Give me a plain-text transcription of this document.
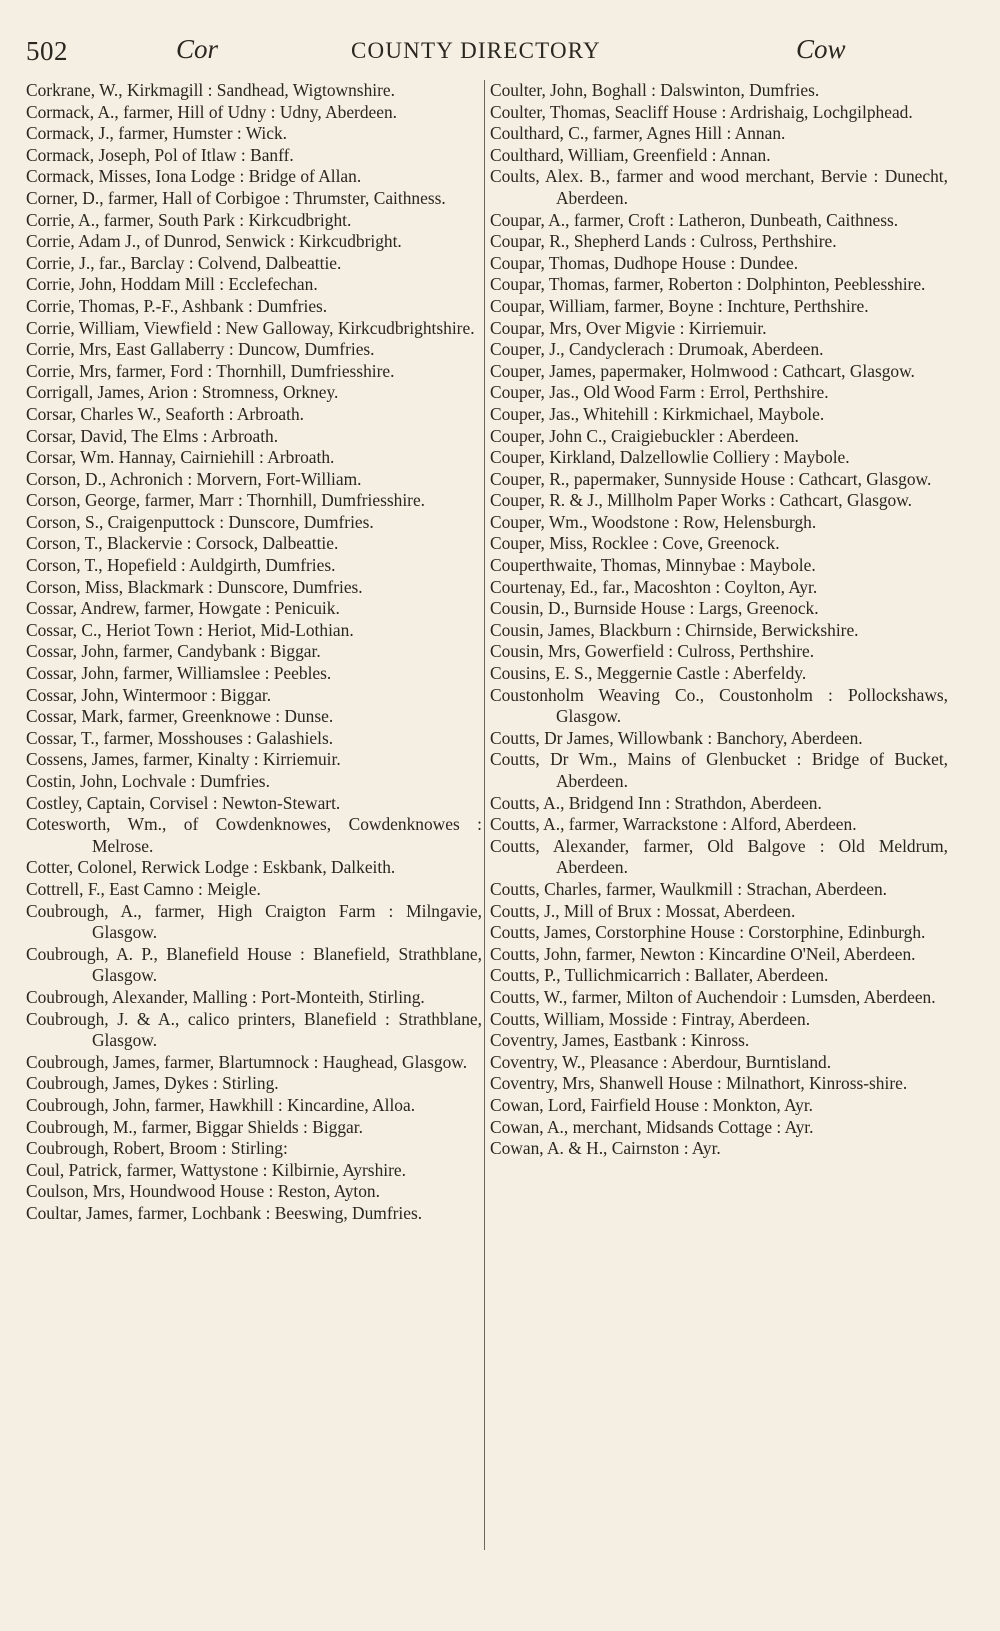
502	Cor	COUNTY DIRECTORY	Cow

Corkrane, W., Kirkmagill : Sandhead, Wigtownshire.

Cormack, A., farmer, Hill of Udny : Udny, Aberdeen.

Cormack, J., farmer, Humster : Wick.

Cormack, Joseph, Pol of Itlaw : Banff.

Cormack, Misses, Iona Lodge : Bridge of Allan.

Corner, D., farmer, Hall of Corbigoe : Thrumster, Caithness.

Corrie, A., farmer, South Park : Kirkcudbright.

Corrie, Adam J., of Dunrod, Senwick : Kirkcudbright.

Corrie, J., far., Barclay : Colvend, Dalbeattie.

Corrie, John, Hoddam Mill : Ecclefechan.

Corrie, Thomas, P.-F., Ashbank : Dumfries.

Corrie, William, Viewfield : New Galloway, Kirkcudbrightshire.

Corrie, Mrs, East Gallaberry : Duncow, Dumfries.

Corrie, Mrs, farmer, Ford : Thornhill, Dumfriesshire.

Corrigall, James, Arion : Stromness, Orkney.

Corsar, Charles W., Seaforth : Arbroath.

Corsar, David, The Elms : Arbroath.

Corsar, Wm. Hannay, Cairniehill : Arbroath.

Corson, D., Achronich : Morvern, Fort-William.

Corson, George, farmer, Marr : Thornhill, Dumfriesshire.

Corson, S., Craigenputtock : Dunscore, Dumfries.

Corson, T., Blackervie : Corsock, Dalbeattie.

Corson, T., Hopefield : Auldgirth, Dumfries.

Corson, Miss, Blackmark : Dunscore, Dumfries.

Cossar, Andrew, farmer, Howgate : Penicuik.

Cossar, C., Heriot Town : Heriot, Mid-Lothian.

Cossar, John, farmer, Candybank : Biggar.

Cossar, John, farmer, Williamslee : Peebles.

Cossar, John, Wintermoor : Biggar.

Cossar, Mark, farmer, Greenknowe : Dunse.

Cossar, T., farmer, Mosshouses : Galashiels.

Cossens, James, farmer, Kinalty : Kirriemuir.

Costin, John, Lochvale : Dumfries.

Costley, Captain, Corvisel : Newton-Stewart.

Cotesworth, Wm., of Cowdenknowes, Cowdenknowes : Melrose.

Cotter, Colonel, Rerwick Lodge : Eskbank, Dalkeith.

Cottrell, F., East Camno : Meigle.

Coubrough, A., farmer, High Craigton Farm : Milngavie, Glasgow.

Coubrough, A. P., Blanefield House : Blanefield, Strathblane, Glasgow.

Coubrough, Alexander, Malling : Port-Monteith, Stirling.

Coubrough, J. & A., calico printers, Blanefield : Strathblane, Glasgow.

Coubrough, James, farmer, Blartumnock : Haughead, Glasgow.

Coubrough, James, Dykes : Stirling.

Coubrough, John, farmer, Hawkhill : Kincardine, Alloa.

Coubrough, M., farmer, Biggar Shields : Biggar.

Coubrough, Robert, Broom : Stirling:

Coul, Patrick, farmer, Wattystone : Kilbirnie, Ayrshire.

Coulson, Mrs, Houndwood House : Reston, Ayton.

Coultar, James, farmer, Lochbank : Beeswing, Dumfries.

Coulter, John, Boghall : Dalswinton, Dumfries.

Coulter, Thomas, Seacliff House : Ardrishaig, Lochgilphead.

Coulthard, C., farmer, Agnes Hill : Annan.

Coulthard, William, Greenfield : Annan.

Coults, Alex. B., farmer and wood merchant, Bervie : Dunecht, Aberdeen.

Coupar, A., farmer, Croft : Latheron, Dunbeath, Caithness.

Coupar, R., Shepherd Lands : Culross, Perthshire.

Coupar, Thomas, Dudhope House : Dundee.

Coupar, Thomas, farmer, Roberton : Dolphinton, Peeblesshire.

Coupar, William, farmer, Boyne : Inchture, Perthshire.

Coupar, Mrs, Over Migvie : Kirriemuir.

Couper, J., Candyclerach : Drumoak, Aberdeen.

Couper, James, papermaker, Holmwood : Cathcart, Glasgow.

Couper, Jas., Old Wood Farm : Errol, Perthshire.

Couper, Jas., Whitehill : Kirkmichael, Maybole.

Couper, John C., Craigiebuckler : Aberdeen.

Couper, Kirkland, Dalzellowlie Colliery : Maybole.

Couper, R., papermaker, Sunnyside House : Cathcart, Glasgow.

Couper, R. & J., Millholm Paper Works : Cathcart, Glasgow.

Couper, Wm., Woodstone : Row, Helensburgh.

Couper, Miss, Rocklee : Cove, Greenock.

Couperthwaite, Thomas, Minnybae : Maybole.

Courtenay, Ed., far., Macoshton : Coylton, Ayr.

Cousin, D., Burnside House : Largs, Greenock.

Cousin, James, Blackburn : Chirnside, Berwickshire.

Cousin, Mrs, Gowerfield : Culross, Perthshire.

Cousins, E. S., Meggernie Castle : Aberfeldy.

Coustonholm Weaving Co., Coustonholm : Pollockshaws, Glasgow.

Coutts, Dr James, Willowbank : Banchory, Aberdeen.

Coutts, Dr Wm., Mains of Glenbucket : Bridge of Bucket, Aberdeen.

Coutts, A., Bridgend Inn : Strathdon, Aberdeen.

Coutts, A., farmer, Warrackstone : Alford, Aberdeen.

Coutts, Alexander, farmer, Old Balgove : Old Meldrum, Aberdeen.

Coutts, Charles, farmer, Waulkmill : Strachan, Aberdeen.

Coutts, J., Mill of Brux : Mossat, Aberdeen.

Coutts, James, Corstorphine House : Corstorphine, Edinburgh.

Coutts, John, farmer, Newton : Kincardine O'Neil, Aberdeen.

Coutts, P., Tullichmicarrich : Ballater, Aberdeen.

Coutts, W., farmer, Milton of Auchendoir : Lumsden, Aberdeen.

Coutts, William, Mosside : Fintray, Aberdeen.

Coventry, James, Eastbank : Kinross.

Coventry, W., Pleasance : Aberdour, Burntisland.

Coventry, Mrs, Shanwell House : Milnathort, Kinross-shire.

Cowan, Lord, Fairfield House : Monkton, Ayr.

Cowan, A., merchant, Midsands Cottage : Ayr.

Cowan, A. & H., Cairnston : Ayr.
